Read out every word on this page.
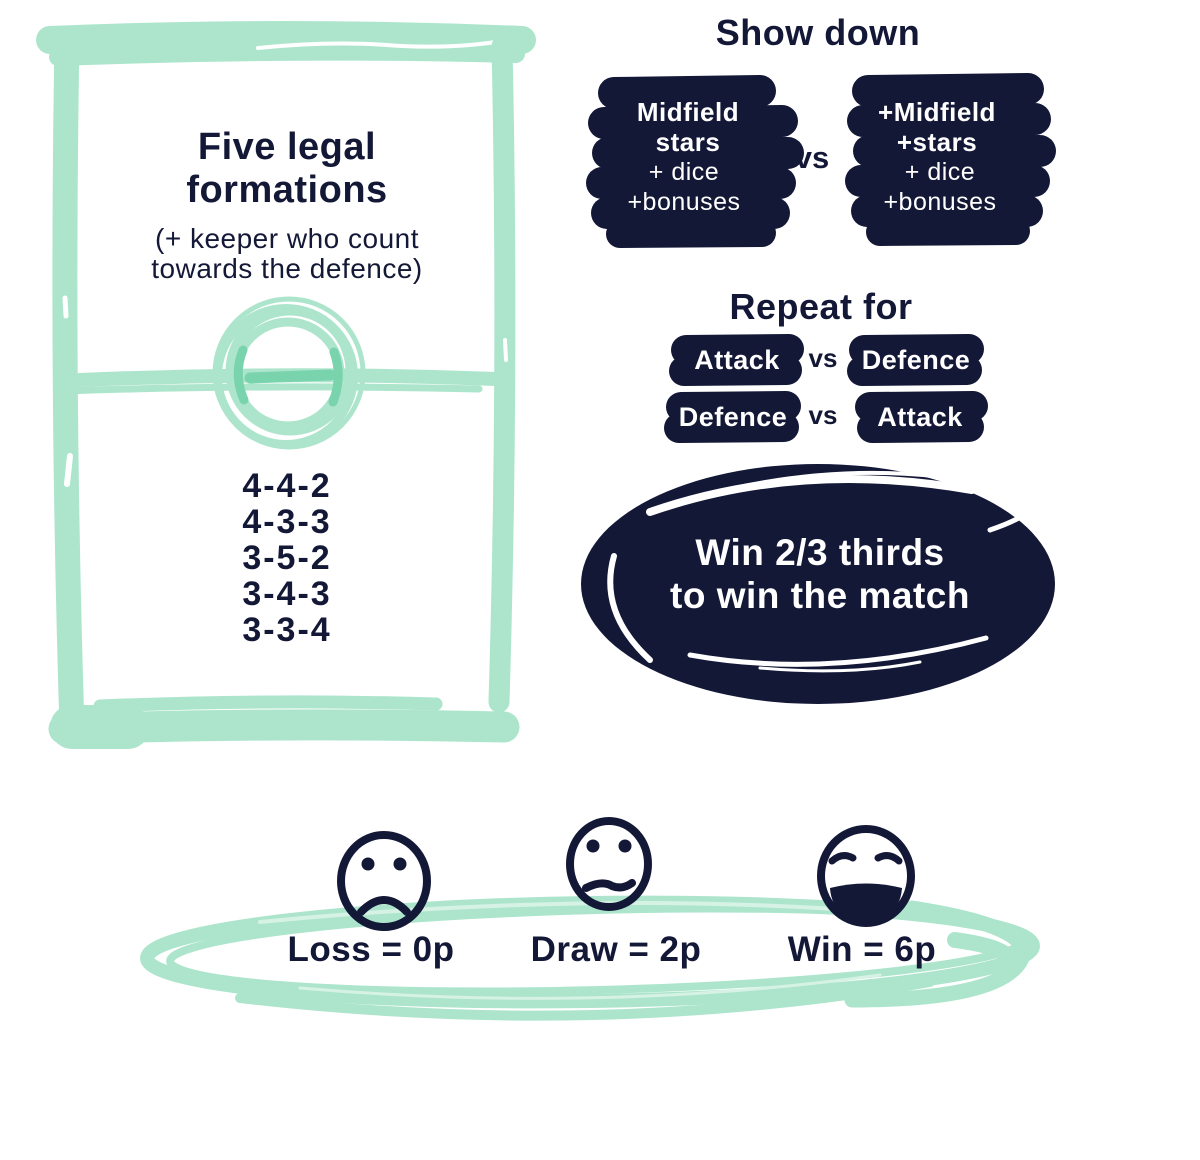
Five legal
formations
(+ keeper who count
towards the defence)
4-4-2
4-3-3
3-5-2
3-4-3
3-3-4
Show down
Midfield
stars
+ dice
+bonuses
vs
+Midfield
+stars
+ dice
+bonuses
Repeat for
Attack vs Defence
Defence vs Attack
Win 2/3 thirds
to win the match
Loss = 0p Draw = 2p Win = 6p
